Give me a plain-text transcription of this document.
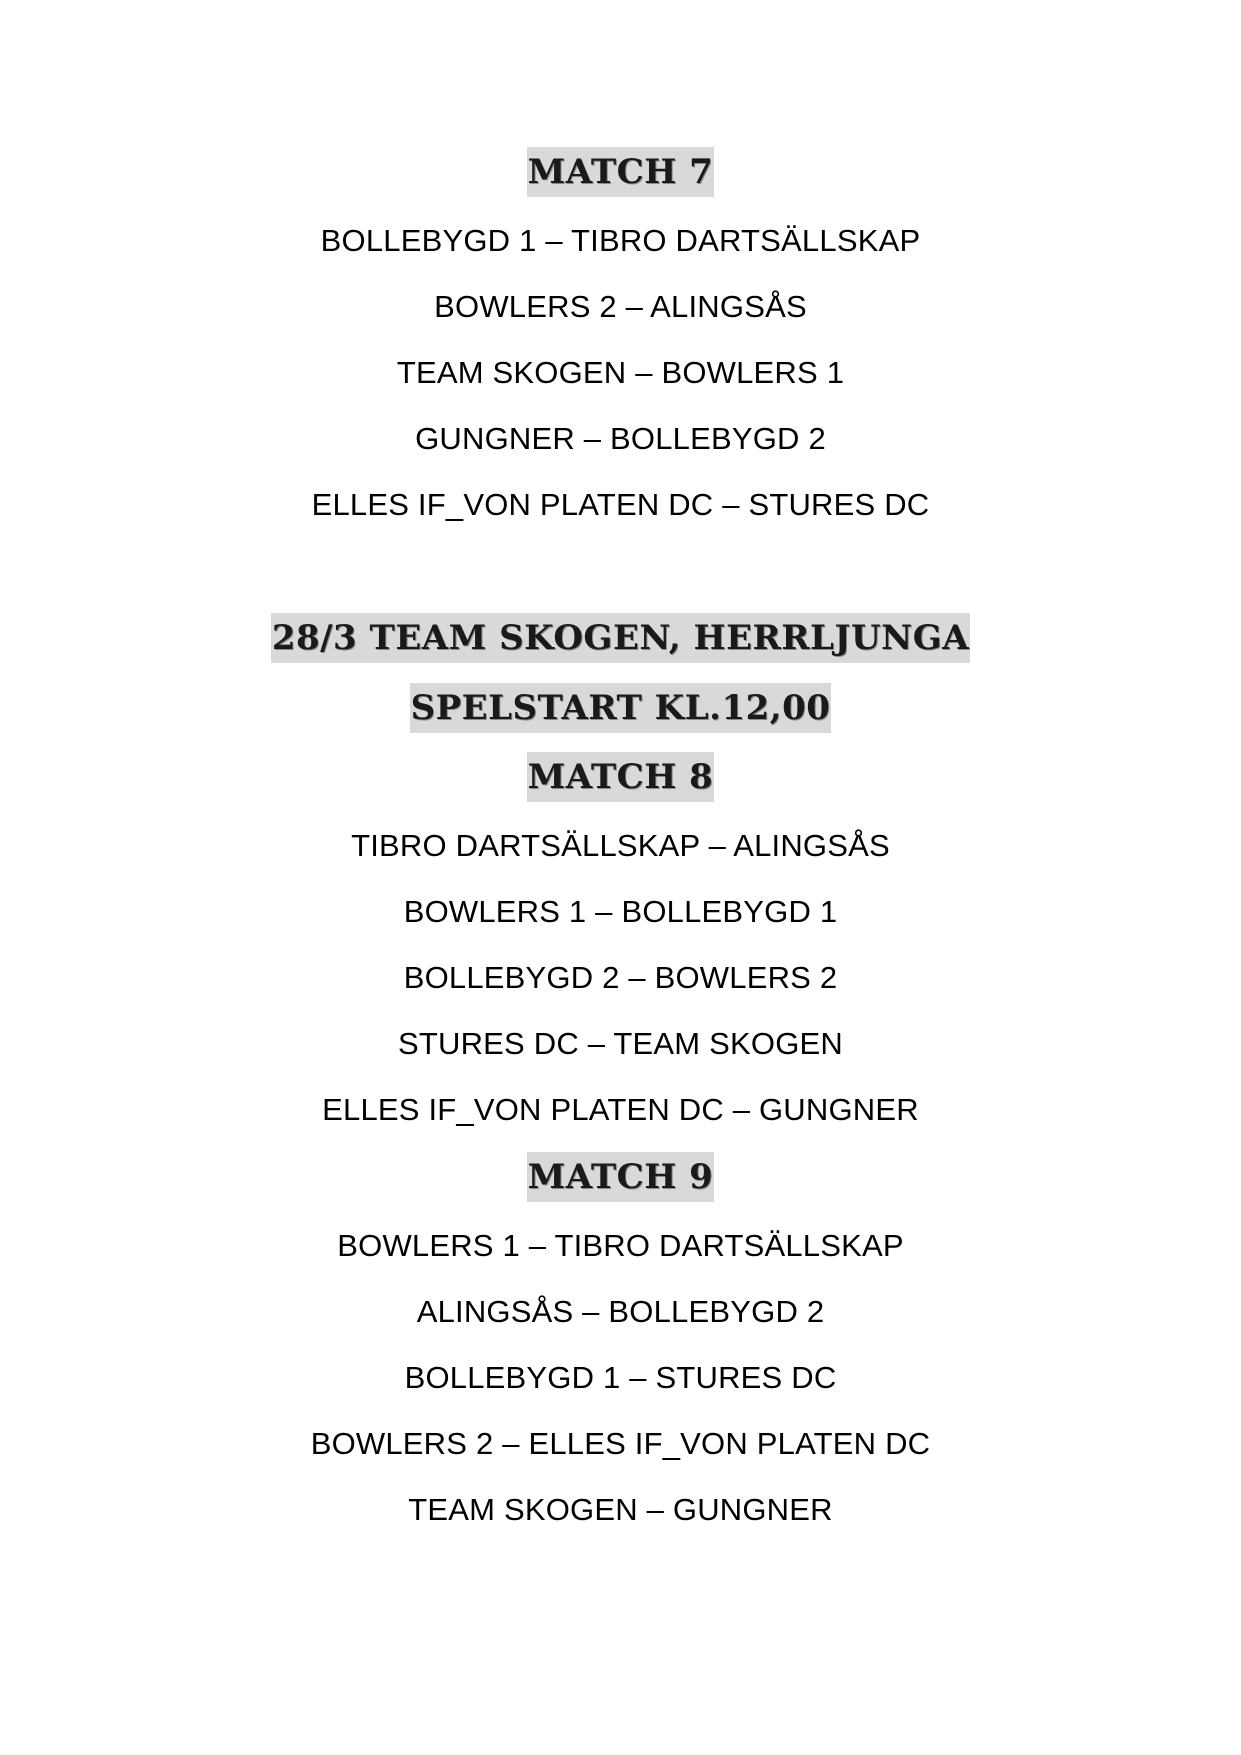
MATCH 7
BOLLEBYGD 1 – TIBRO DARTSÄLLSKAP
BOWLERS 2 – ALINGSÅS
TEAM SKOGEN – BOWLERS 1
GUNGNER – BOLLEBYGD 2
ELLES IF_VON PLATEN DC – STURES DC
28/3 TEAM SKOGEN, HERRLJUNGA
SPELSTART KL.12,00
MATCH 8
TIBRO DARTSÄLLSKAP – ALINGSÅS
BOWLERS 1 – BOLLEBYGD 1
BOLLEBYGD 2 – BOWLERS 2
STURES DC – TEAM SKOGEN
ELLES IF_VON PLATEN DC – GUNGNER
MATCH 9
BOWLERS 1 – TIBRO DARTSÄLLSKAP
ALINGSÅS – BOLLEBYGD 2
BOLLEBYGD 1 – STURES DC
BOWLERS 2 – ELLES IF_VON PLATEN DC
TEAM SKOGEN – GUNGNER
